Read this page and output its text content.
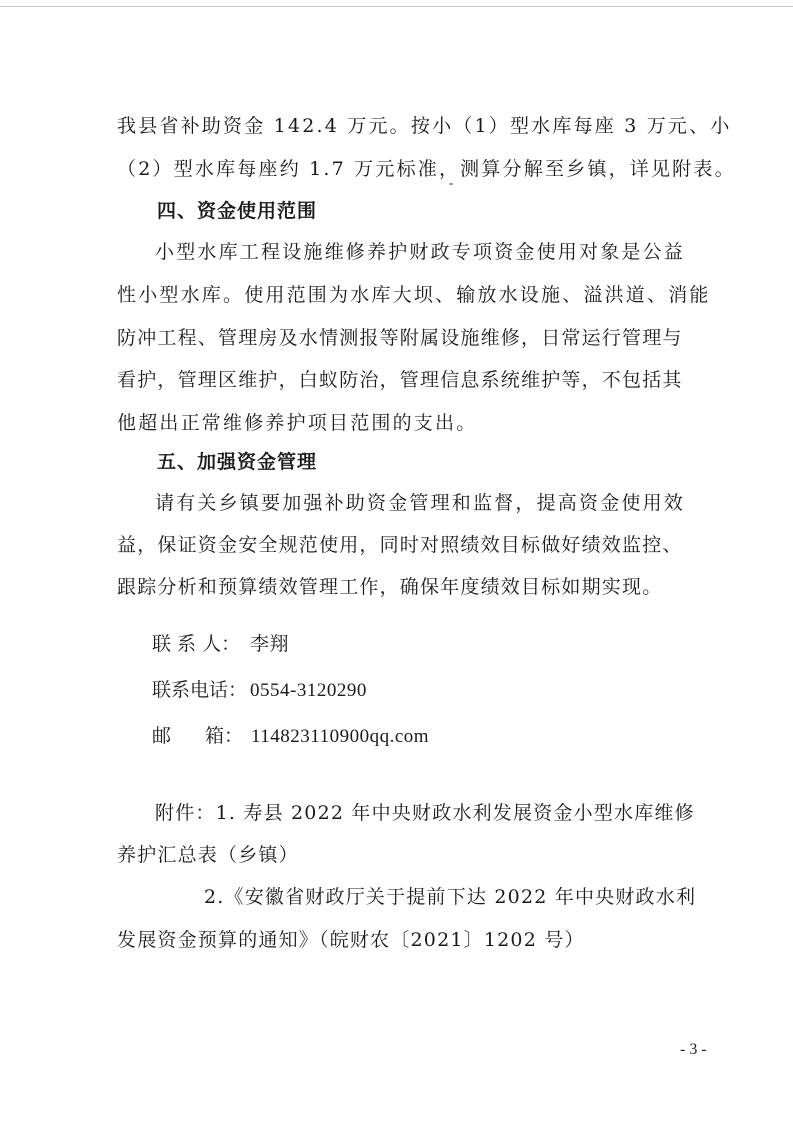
我县省补助资金 142.4 万元。按小（1）型水库每座 3 万元、小
（2）型水库每座约 1.7 万元标准，测算分解至乡镇，详见附表。
四、资金使用范围
小型水库工程设施维修养护财政专项资金使用对象是公益
性小型水库。使用范围为水库大坝、输放水设施、溢洪道、消能
防冲工程、管理房及水情测报等附属设施维修，日常运行管理与
看护，管理区维护，白蚁防治，管理信息系统维护等，不包括其
他超出正常维修养护项目范围的支出。
五、加强资金管理
请有关乡镇要加强补助资金管理和监督，提高资金使用效
益，保证资金安全规范使用，同时对照绩效目标做好绩效监控、
跟踪分析和预算绩效管理工作，确保年度绩效目标如期实现。
联 系 人： 李翔
联系电话： 0554-3120290
邮 箱： 114823110900qq.com
附件：1. 寿县 2022 年中央财政水利发展资金小型水库维修
养护汇总表（乡镇）
2.《安徽省财政厅关于提前下达 2022 年中央财政水利
发展资金预算的通知》（皖财农〔2021〕1202 号）
- 3 -
